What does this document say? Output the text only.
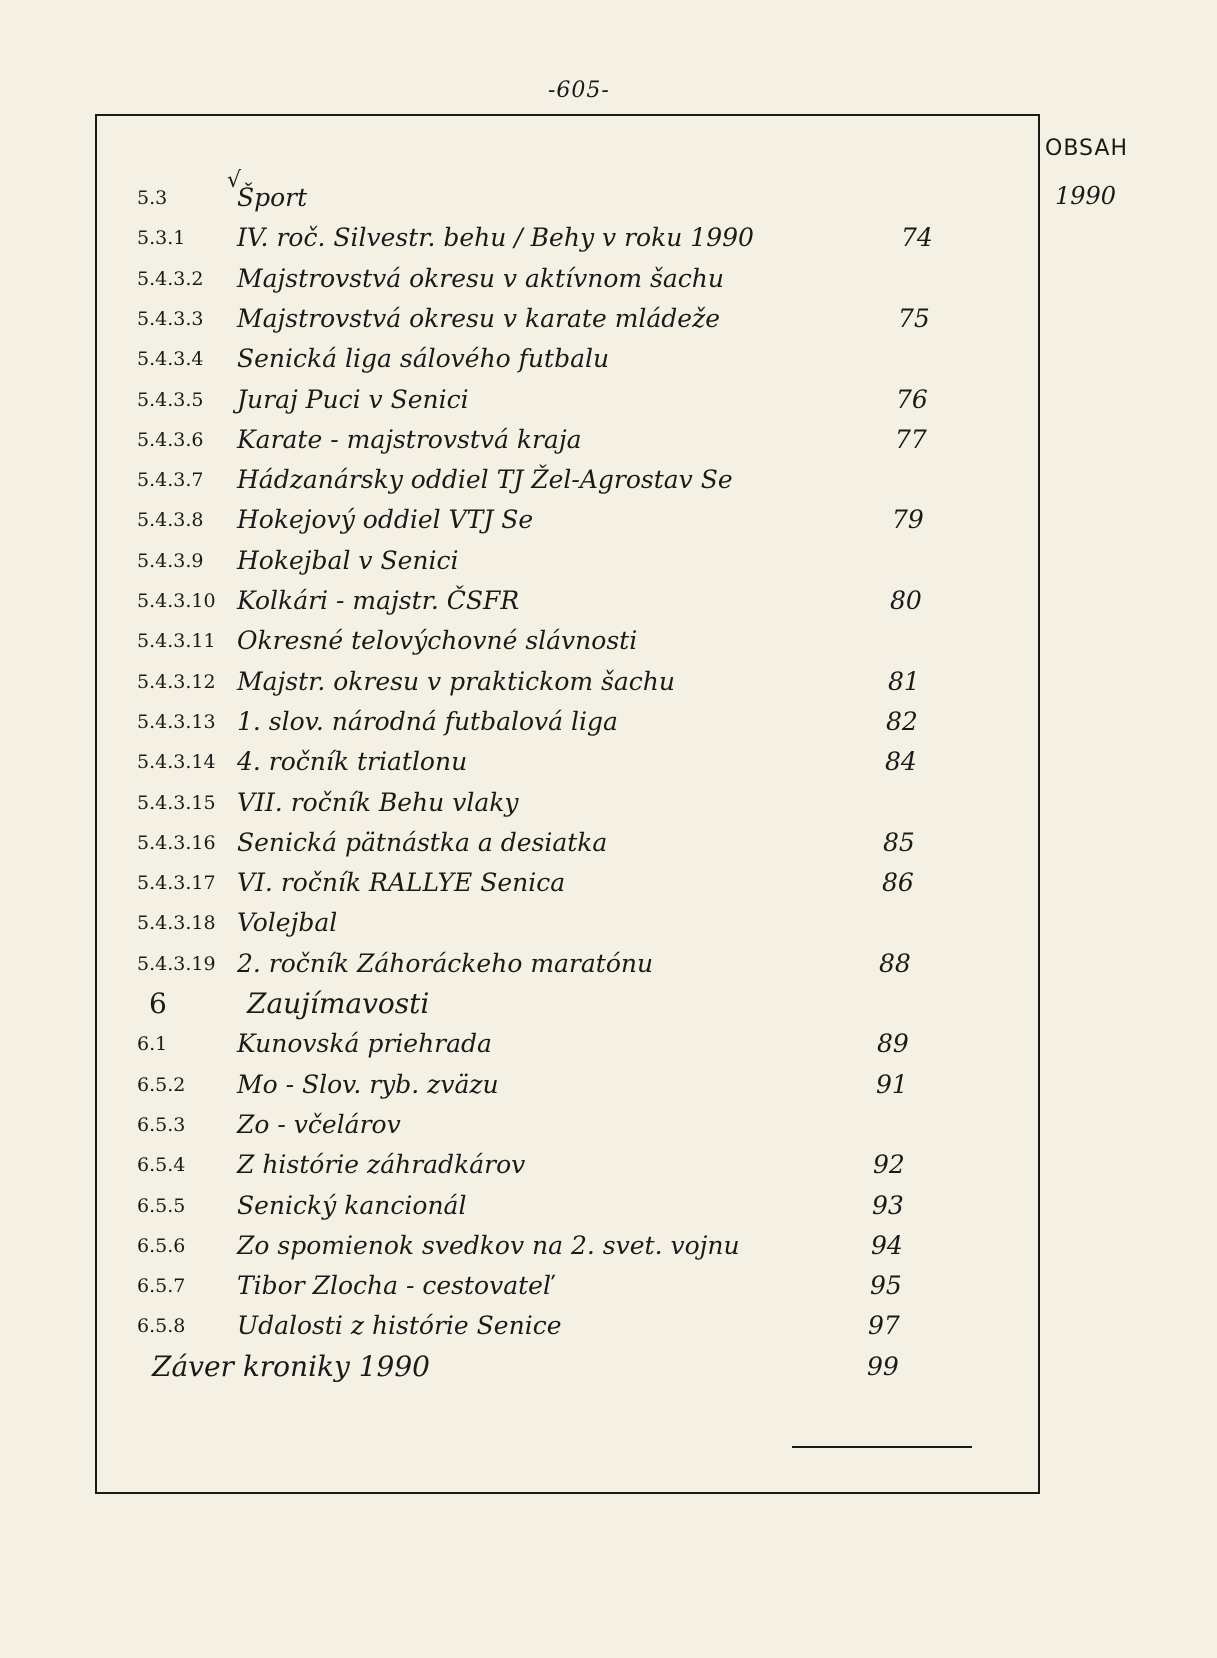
-605-
OBSAH
1990
√
5.3	Šport
5.3.1	IV. roč. Silvestr. behu / Behy v roku 1990	74
5.4.3.2	Majstrovstvá okresu v aktívnom šachu
5.4.3.3	Majstrovstvá okresu v karate mládeže	75
5.4.3.4	Senická liga sálového futbalu
5.4.3.5	Juraj Puci v Senici	76
5.4.3.6	Karate - majstrovstvá kraja	77
5.4.3.7	Hádzanársky oddiel TJ Žel-Agrostav Se
5.4.3.8	Hokejový oddiel VTJ Se	79
5.4.3.9	Hokejbal v Senici
5.4.3.10 Kolkári - majstr. ČSFR	80
5.4.3.11 Okresné telovýchovné slávnosti
5.4.3.12 Majstr. okresu v praktickom šachu	81
5.4.3.13 1. slov. národná futbalová liga	82
5.4.3.14 4. ročník triatlonu	84
5.4.3.15 VII. ročník Behu vlaky
5.4.3.16 Senická pätnástka a desiatka	85
5.4.3.17 VI. ročník RALLYE Senica	86
5.4.3.18 Volejbal
5.4.3.19 2. ročník Záhoráckeho maratónu	88
6	Zaujímavosti
6.1	Kunovská priehrada	89
6.5.2	Mo - Slov. ryb. zväzu	91
6.5.3	Zo - včelárov
6.5.4	Z histórie záhradkárov	92
6.5.5	Senický kancionál	93
6.5.6	Zo spomienok svedkov na 2. svet. vojnu	94
6.5.7	Tibor Zlocha - cestovateľ	95
6.5.8	Udalosti z histórie Senice	97
Záver kroniky 1990	99
